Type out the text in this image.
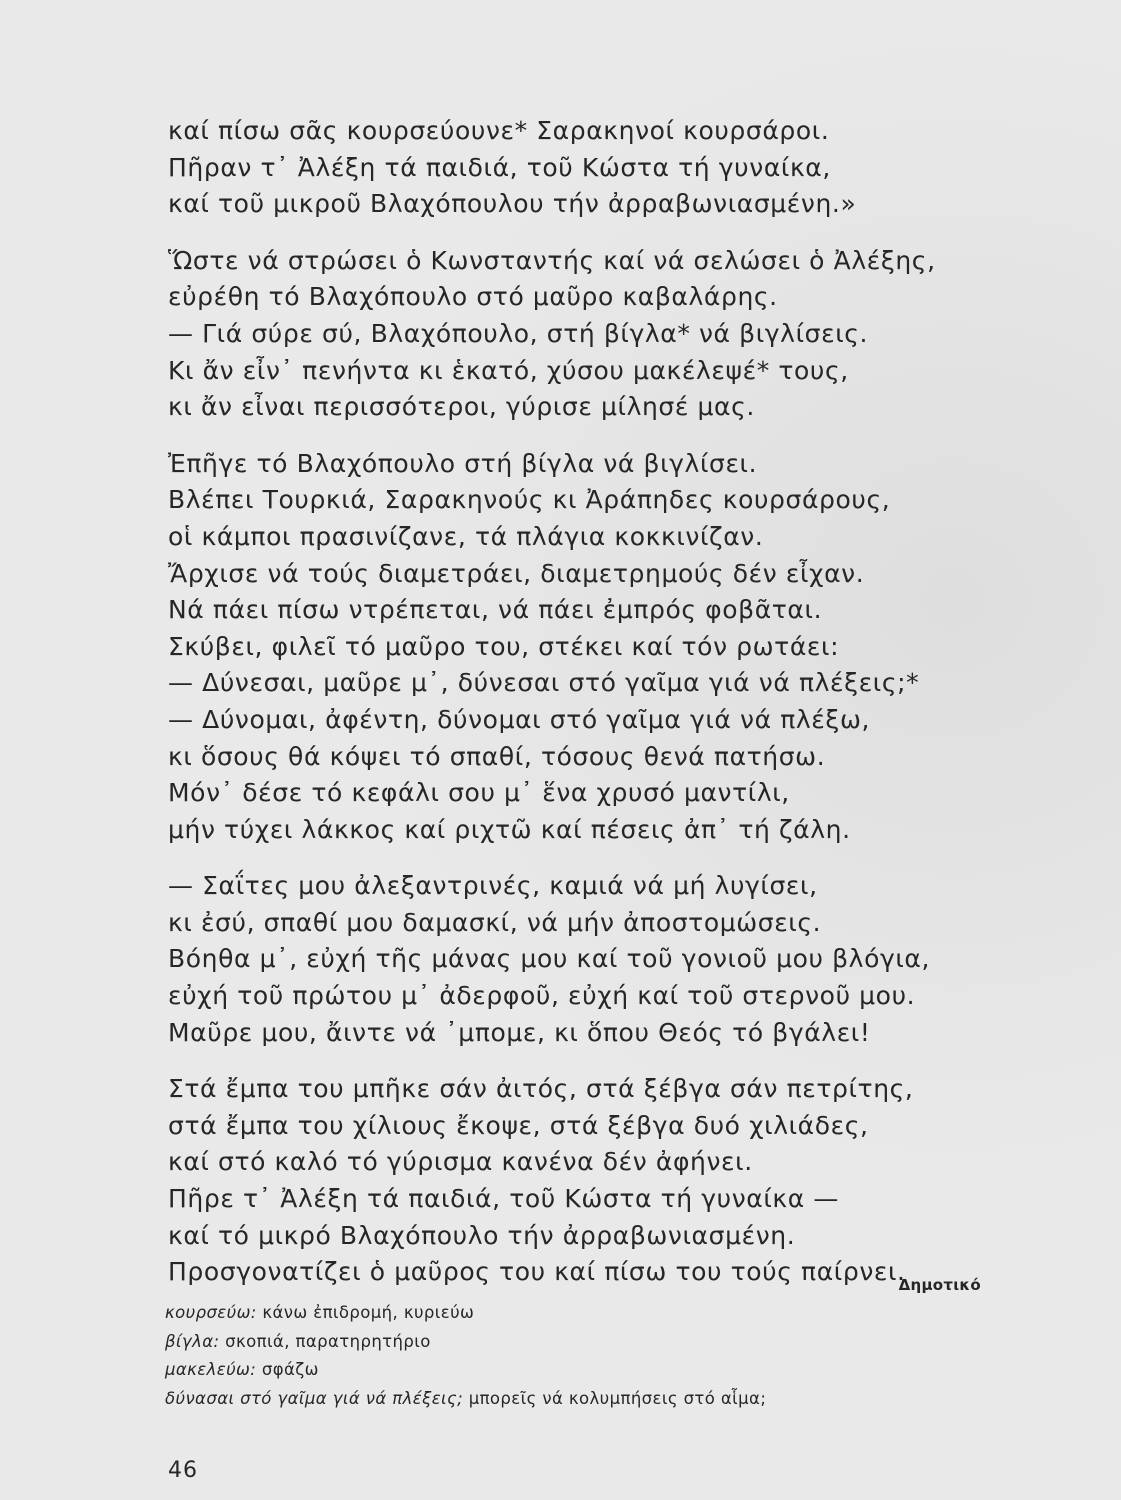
καί πίσω σᾶς κουρσεύουνε* Σαρακηνοί κουρσάροι.
Πῆραν τ᾿ Ἀλέξη τά παιδιά, τοῦ Κώστα τή γυναίκα,
καί τοῦ μικροῦ Βλαχόπουλου τήν ἀρραβωνιασμένη.»
Ὥστε νά στρώσει ὁ Κωνσταντής καί νά σελώσει ὁ Ἀλέξης,
εὐρέθη τό Βλαχόπουλο στό μαῦρο καβαλάρης.
— Γιά σύρε σύ, Βλαχόπουλο, στή βίγλα* νά βιγλίσεις.
Κι ἄν εἶν᾿ πενήντα κι ἑκατό, χύσου μακέλεψέ* τους,
κι ἄν εἶναι περισσότεροι, γύρισε μίλησέ μας.
Ἐπῆγε τό Βλαχόπουλο στή βίγλα νά βιγλίσει.
Βλέπει Τουρκιά, Σαρακηνούς κι Ἀράπηδες κουρσάρους,
οἱ κάμποι πρασινίζανε, τά πλάγια κοκκινίζαν.
Ἄρχισε νά τούς διαμετράει, διαμετρημούς δέν εἶχαν.
Νά πάει πίσω ντρέπεται, νά πάει ἐμπρός φοβᾶται.
Σκύβει, φιλεῖ τό μαῦρο του, στέκει καί τόν ρωτάει:
— Δύνεσαι, μαῦρε μ᾿, δύνεσαι στό γαῖμα γιά νά πλέξεις;*
— Δύνομαι, ἀφέντη, δύνομαι στό γαῖμα γιά νά πλέξω,
κι ὅσους θά κόψει τό σπαθί, τόσους θενά πατήσω.
Μόν᾿ δέσε τό κεφάλι σου μ᾿ ἕνα χρυσό μαντίλι,
μήν τύχει λάκκος καί ριχτῶ καί πέσεις ἀπ᾿ τή ζάλη.
— Σαΐτες μου ἀλεξαντρινές, καμιά νά μή λυγίσει,
κι ἐσύ, σπαθί μου δαμασκί, νά μήν ἀποστομώσεις.
Βόηθα μ᾿, εὐχή τῆς μάνας μου καί τοῦ γονιοῦ μου βλόγια,
εὐχή τοῦ πρώτου μ᾿ ἀδερφοῦ, εὐχή καί τοῦ στερνοῦ μου.
Μαῦρε μου, ἄιντε νά ᾿μπομε, κι ὅπου Θεός τό βγάλει!
Στά ἔμπα του μπῆκε σάν ἀιτός, στά ξέβγα σάν πετρίτης,
στά ἔμπα του χίλιους ἔκοψε, στά ξέβγα δυό χιλιάδες,
καί στό καλό τό γύρισμα κανένα δέν ἀφήνει.
Πῆρε τ᾿ Ἀλέξη τά παιδιά, τοῦ Κώστα τή γυναίκα —
καί τό μικρό Βλαχόπουλο τήν ἀρραβωνιασμένη.
Προσγονατίζει ὁ μαῦρος του καί πίσω του τούς παίρνει.
Δημοτικό
κουρσεύω: κάνω ἐπιδρομή, κυριεύω
βίγλα: σκοπιά, παρατηρητήριο
μακελεύω: σφάζω
δύνασαι στό γαῖμα γιά νά πλέξεις; μπορεῖς νά κολυμπήσεις στό αἷμα;
46
